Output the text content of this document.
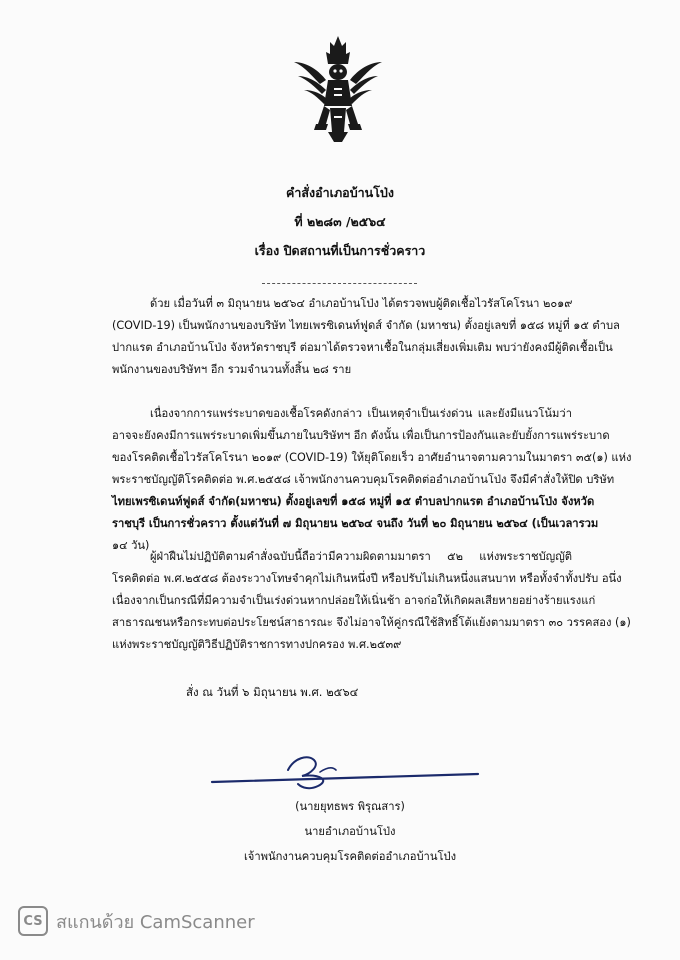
คำสั่งอำเภอบ้านโป่ง
ที่ ๒๒๘๓ /๒๕๖๔
เรื่อง ปิดสถานที่เป็นการชั่วคราว
ด้วย เมื่อวันที่ ๓ มิถุนายน ๒๕๖๔ อำเภอบ้านโป่ง ได้ตรวจพบผู้ติดเชื้อไวรัสโคโรนา ๒๐๑๙
(COVID-19) เป็นพนักงานของบริษัท ไทยเพรซิเดนท์ฟูดส์ จำกัด (มหาชน) ตั้งอยู่เลขที่ ๑๕๘ หมู่ที่ ๑๕ ตำบล
ปากแรต อำเภอบ้านโป่ง จังหวัดราชบุรี ต่อมาได้ตรวจหาเชื้อในกลุ่มเสี่ยงเพิ่มเติม พบว่ายังคงมีผู้ติดเชื้อเป็น
พนักงานของบริษัทฯ อีก รวมจำนวนทั้งสิ้น ๒๘ ราย
เนื่องจากการแพร่ระบาดของเชื้อโรคดังกล่าว เป็นเหตุจำเป็นเร่งด่วน และยังมีแนวโน้มว่า
อาจจะยังคงมีการแพร่ระบาดเพิ่มขึ้นภายในบริษัทฯ อีก ดังนั้น เพื่อเป็นการป้องกันและยับยั้งการแพร่ระบาด
ของโรคติดเชื้อไวรัสโคโรนา ๒๐๑๙ (COVID-19) ให้ยุติโดยเร็ว อาศัยอำนาจตามความในมาตรา ๓๕(๑) แห่ง
พระราชบัญญัติโรคติดต่อ พ.ศ.๒๕๕๘ เจ้าพนักงานควบคุมโรคติดต่ออำเภอบ้านโป่ง จึงมีคำสั่งให้ปิด บริษัท
ไทยเพรซิเดนท์ฟูดส์ จำกัด(มหาชน) ตั้งอยู่เลขที่ ๑๕๘ หมู่ที่ ๑๕ ตำบลปากแรต อำเภอบ้านโป่ง จังหวัด
ราชบุรี เป็นการชั่วคราว ตั้งแต่วันที่ ๗ มิถุนายน ๒๕๖๔ จนถึง วันที่ ๒๐ มิถุนายน ๒๕๖๔ (เป็นเวลารวม
๑๔ วัน)
ผู้ฝ่าฝืนไม่ปฏิบัติตามคำสั่งฉบับนี้ถือว่ามีความผิดตามมาตรา ๕๒ แห่งพระราชบัญญัติ
โรคติดต่อ พ.ศ.๒๕๕๘ ต้องระวางโทษจำคุกไม่เกินหนึ่งปี หรือปรับไม่เกินหนึ่งแสนบาท หรือทั้งจำทั้งปรับ อนึ่ง
เนื่องจากเป็นกรณีที่มีความจำเป็นเร่งด่วนหากปล่อยให้เนิ่นช้า อาจก่อให้เกิดผลเสียหายอย่างร้ายแรงแก่
สาธารณชนหรือกระทบต่อประโยชน์สาธารณะ จึงไม่อาจให้คู่กรณีใช้สิทธิ์โต้แย้งตามมาตรา ๓๐ วรรคสอง (๑)
แห่งพระราชบัญญัติวิธีปฏิบัติราชการทางปกครอง พ.ศ.๒๕๓๙
สั่ง ณ วันที่ ๖ มิถุนายน พ.ศ. ๒๕๖๔
(นายยุทธพร พิรุณสาร)
นายอำเภอบ้านโป่ง
เจ้าพนักงานควบคุมโรคติดต่ออำเภอบ้านโป่ง
CS สแกนด้วย CamScanner
